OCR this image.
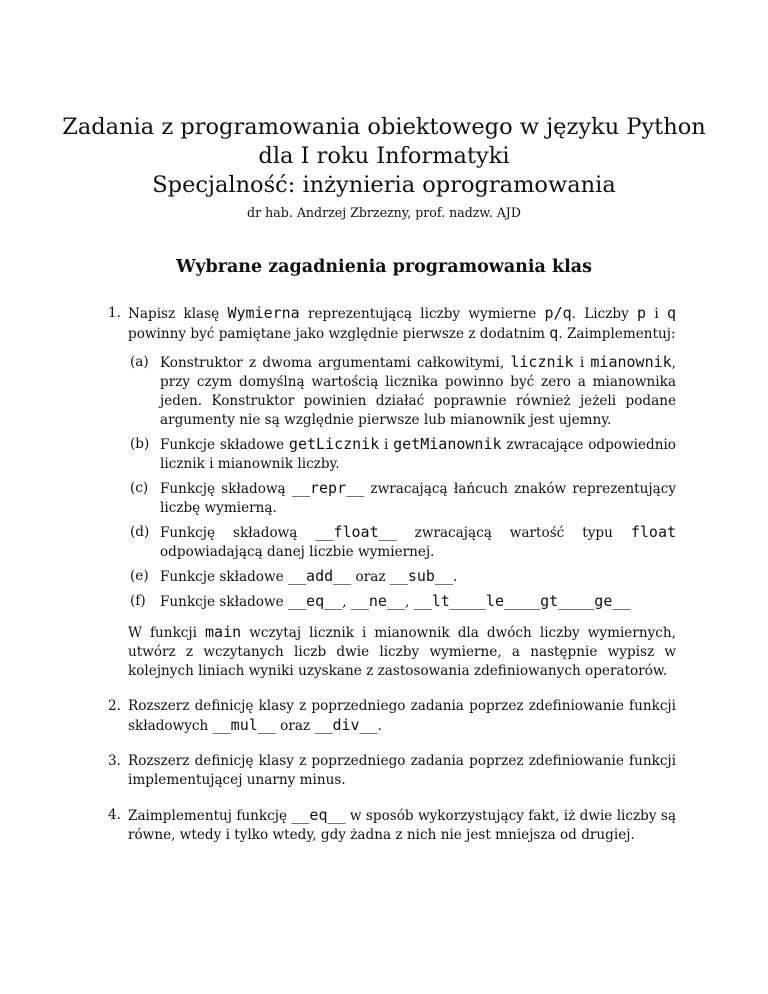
Zadania z programowania obiektowego w języku Python
dla I roku Informatyki
Specjalność: inżynieria oprogramowania
dr hab. Andrzej Zbrzezny, prof. nadzw. AJD
Wybrane zagadnienia programowania klas
1. Napisz klasę Wymierna reprezentującą liczby wymierne p/q. Liczby p i q powinny być pamiętane jako względnie pierwsze z dodatnim q. Zaimplementuj:

(a) Konstruktor z dwoma argumentami całkowitymi, licznik i mianownik, przy czym domyślną wartością licznika powinno być zero a mianownika jeden. Konstruktor powinien działać poprawnie również jeżeli podane argumenty nie są względnie pierwsze lub mianownik jest ujemny.
(b) Funkcje składowe getLicznik i getMianownik zwracające odpowiednio licznik i mianownik liczby.
(c) Funkcję składową __repr__ zwracającą łańcuch znaków reprezentujący liczbę wymierną.
(d) Funkcję składową __float__ zwracającą wartość typu float odpowiadającą danej liczbie wymiernej.
(e) Funkcje składowe __add__ oraz __sub__.
(f) Funkcje składowe __eq__, __ne__, __lt____le____gt____ge__

W funkcji main wczytaj licznik i mianownik dla dwóch liczby wymiernych, utwórz z wczytanych liczb dwie liczby wymierne, a następnie wypisz w kolejnych liniach wyniki uzyskane z zastosowania zdefiniowanych operatorów.

2. Rozszerz definicję klasy z poprzedniego zadania poprzez zdefiniowanie funkcji składowych __mul__ oraz __div__.

3. Rozszerz definicję klasy z poprzedniego zadania poprzez zdefiniowanie funkcji implementującej unarny minus.

4. Zaimplementuj funkcję __eq__ w sposób wykorzystujący fakt, iż dwie liczby są równe, wtedy i tylko wtedy, gdy żadna z nich nie jest mniejsza od drugiej.
